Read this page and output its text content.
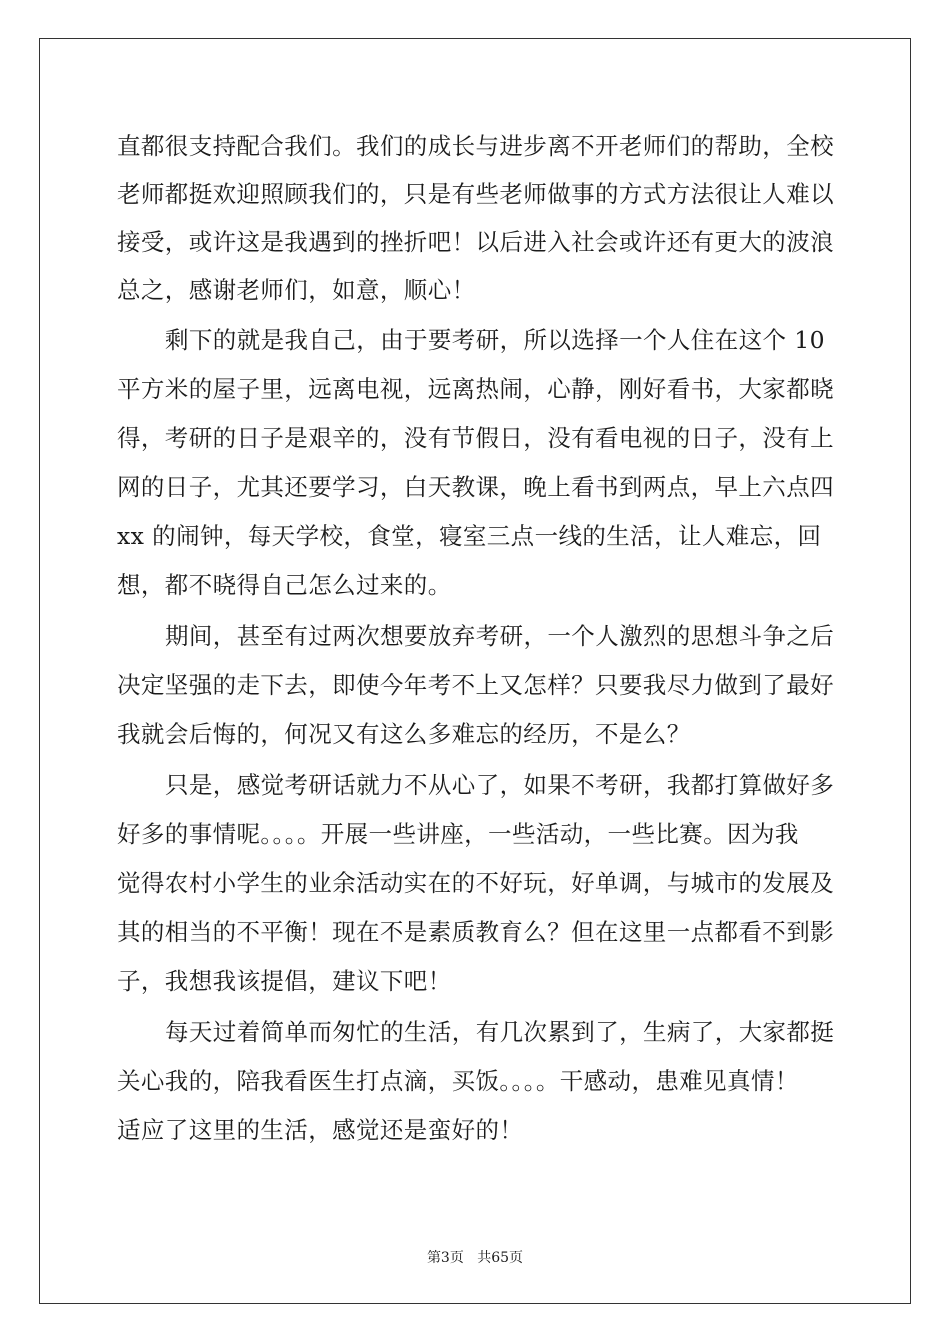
直都很支持配合我们。我们的成长与进步离不开老师们的帮助，全校
老师都挺欢迎照顾我们的，只是有些老师做事的方式方法很让人难以
接受，或许这是我遇到的挫折吧！以后进入社会或许还有更大的波浪
总之，感谢老师们，如意，顺心！
剩下的就是我自己，由于要考研，所以选择一个人住在这个 10
平方米的屋子里，远离电视，远离热闹，心静，刚好看书，大家都晓
得，考研的日子是艰辛的，没有节假日，没有看电视的日子，没有上
网的日子，尤其还要学习，白天教课，晚上看书到两点，早上六点四
xx 的闹钟，每天学校，食堂，寝室三点一线的生活，让人难忘，回
想，都不晓得自己怎么过来的。
期间，甚至有过两次想要放弃考研，一个人激烈的思想斗争之后
决定坚强的走下去，即使今年考不上又怎样？只要我尽力做到了最好
我就会后悔的，何况又有这么多难忘的经历，不是么？
只是，感觉考研话就力不从心了，如果不考研，我都打算做好多
好多的事情呢。。。。开展一些讲座，一些活动，一些比赛。因为我
觉得农村小学生的业余活动实在的不好玩，好单调，与城市的发展及
其的相当的不平衡！现在不是素质教育么？但在这里一点都看不到影
子，我想我该提倡，建议下吧！
每天过着简单而匆忙的生活，有几次累到了，生病了，大家都挺
关心我的，陪我看医生打点滴，买饭。。。。干感动，患难见真情！
适应了这里的生活，感觉还是蛮好的！
第3页 共65页
